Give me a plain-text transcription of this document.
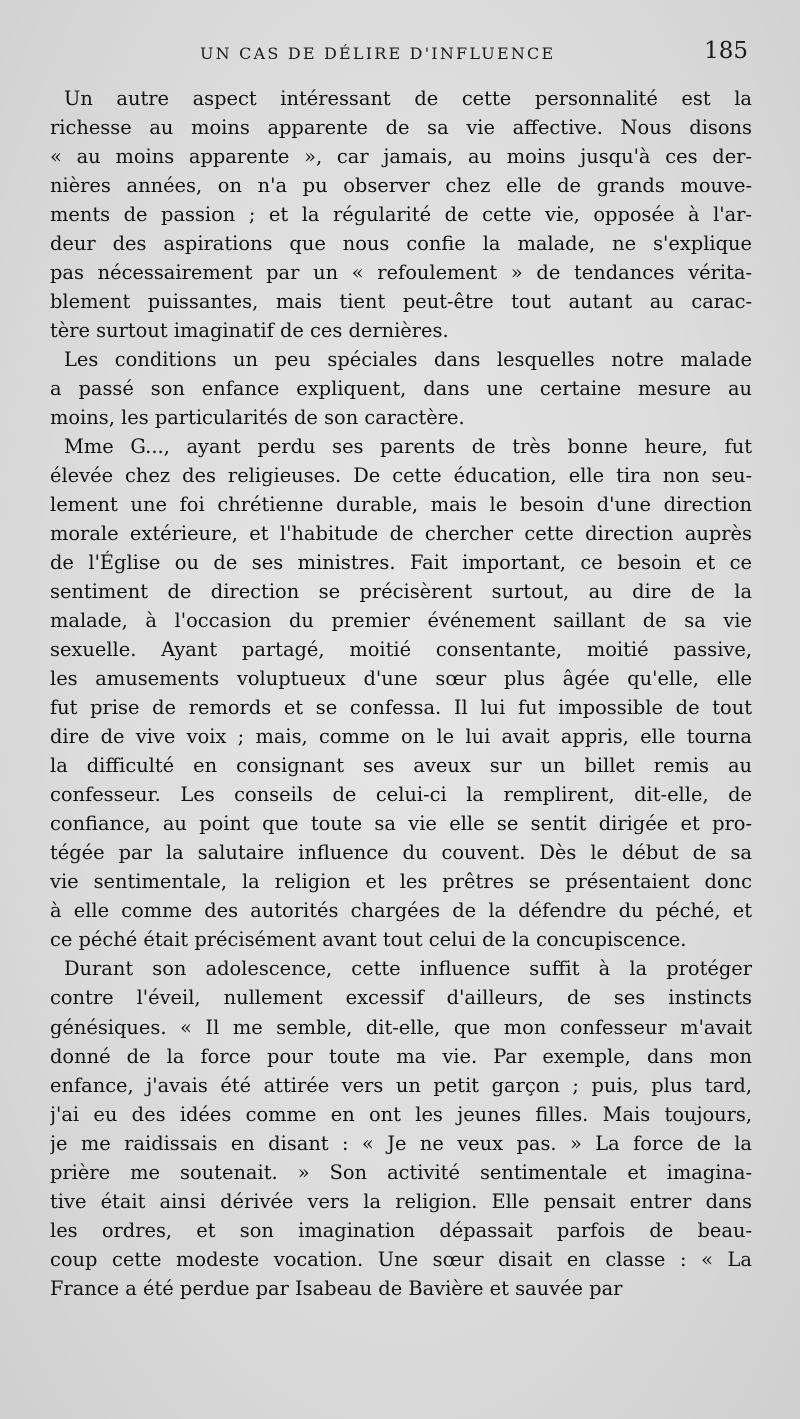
UN CAS DE DÉLIRE D'INFLUENCE	185
Un autre aspect intéressant de cette personnalité est la
richesse au moins apparente de sa vie affective. Nous disons
« au moins apparente », car jamais, au moins jusqu'à ces der-
nières années, on n'a pu observer chez elle de grands mouve-
ments de passion ; et la régularité de cette vie, opposée à l'ar-
deur des aspirations que nous confie la malade, ne s'explique
pas nécessairement par un « refoulement » de tendances vérita-
blement puissantes, mais tient peut-être tout autant au carac-
tère surtout imaginatif de ces dernières.
Les conditions un peu spéciales dans lesquelles notre malade
a passé son enfance expliquent, dans une certaine mesure au
moins, les particularités de son caractère.
Mme G..., ayant perdu ses parents de très bonne heure, fut
élevée chez des religieuses. De cette éducation, elle tira non seu-
lement une foi chrétienne durable, mais le besoin d'une direction
morale extérieure, et l'habitude de chercher cette direction auprès
de l'Église ou de ses ministres. Fait important, ce besoin et ce
sentiment de direction se précisèrent surtout, au dire de la
malade, à l'occasion du premier événement saillant de sa vie
sexuelle. Ayant partagé, moitié consentante, moitié passive,
les amusements voluptueux d'une sœur plus âgée qu'elle, elle
fut prise de remords et se confessa. Il lui fut impossible de tout
dire de vive voix ; mais, comme on le lui avait appris, elle tourna
la difficulté en consignant ses aveux sur un billet remis au
confesseur. Les conseils de celui-ci la remplirent, dit-elle, de
confiance, au point que toute sa vie elle se sentit dirigée et pro-
tégée par la salutaire influence du couvent. Dès le début de sa
vie sentimentale, la religion et les prêtres se présentaient donc
à elle comme des autorités chargées de la défendre du péché, et
ce péché était précisément avant tout celui de la concupiscence.
Durant son adolescence, cette influence suffit à la protéger
contre l'éveil, nullement excessif d'ailleurs, de ses instincts
génésiques. « Il me semble, dit-elle, que mon confesseur m'avait
donné de la force pour toute ma vie. Par exemple, dans mon
enfance, j'avais été attirée vers un petit garçon ; puis, plus tard,
j'ai eu des idées comme en ont les jeunes filles. Mais toujours,
je me raidissais en disant : « Je ne veux pas. » La force de la
prière me soutenait. » Son activité sentimentale et imagina-
tive était ainsi dérivée vers la religion. Elle pensait entrer dans
les ordres, et son imagination dépassait parfois de beau-
coup cette modeste vocation. Une sœur disait en classe : « La
France a été perdue par Isabeau de Bavière et sauvée par
